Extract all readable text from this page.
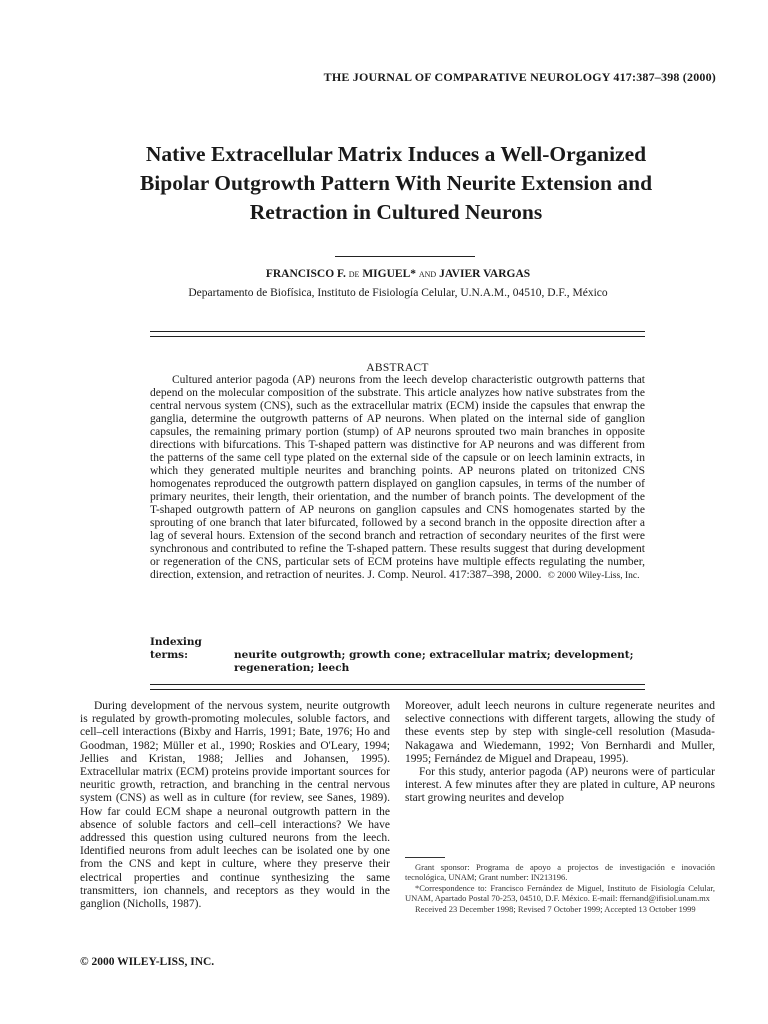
THE JOURNAL OF COMPARATIVE NEUROLOGY 417:387–398 (2000)
Native Extracellular Matrix Induces a Well-Organized Bipolar Outgrowth Pattern With Neurite Extension and Retraction in Cultured Neurons
FRANCISCO F. de MIGUEL* and JAVIER VARGAS
Departamento de Biofísica, Instituto de Fisiología Celular, U.N.A.M., 04510, D.F., México
ABSTRACT
Cultured anterior pagoda (AP) neurons from the leech develop characteristic outgrowth patterns that depend on the molecular composition of the substrate. This article analyzes how native substrates from the central nervous system (CNS), such as the extracellular matrix (ECM) inside the capsules that enwrap the ganglia, determine the outgrowth patterns of AP neurons. When plated on the internal side of ganglion capsules, the remaining primary portion (stump) of AP neurons sprouted two main branches in opposite directions with bifurcations. This T-shaped pattern was distinctive for AP neurons and was different from the patterns of the same cell type plated on the external side of the capsule or on leech laminin extracts, in which they generated multiple neurites and branching points. AP neurons plated on tritonized CNS homogenates reproduced the outgrowth pattern displayed on ganglion capsules, in terms of the number of primary neurites, their length, their orientation, and the number of branch points. The development of the T-shaped outgrowth pattern of AP neurons on ganglion capsules and CNS homogenates started by the sprouting of one branch that later bifurcated, followed by a second branch in the opposite direction after a lag of several hours. Extension of the second branch and retraction of secondary neurites of the first were synchronous and contributed to refine the T-shaped pattern. These results suggest that during development or regeneration of the CNS, particular sets of ECM proteins have multiple effects regulating the number, direction, extension, and retraction of neurites. J. Comp. Neurol. 417:387–398, 2000. © 2000 Wiley-Liss, Inc.
Indexing terms:	neurite outgrowth; growth cone; extracellular matrix; development;
regeneration; leech

During development of the nervous system, neurite outgrowth is regulated by growth-promoting molecules, soluble factors, and cell–cell interactions (Bixby and Harris, 1991; Bate, 1976; Ho and Goodman, 1982; Müller et al., 1990; Roskies and O'Leary, 1994; Jellies and Kristan, 1988; Jellies and Johansen, 1995). Extracellular matrix (ECM) proteins provide important sources for neuritic growth, retraction, and branching in the central nervous system (CNS) as well as in culture (for review, see Sanes, 1989). How far could ECM shape a neuronal outgrowth pattern in the absence of soluble factors and cell–cell interactions? We have addressed this question using cultured neurons from the leech. Identified neurons from adult leeches can be isolated one by one from the CNS and kept in culture, where they preserve their electrical properties and continue synthesizing the same transmitters, ion channels, and receptors as they would in the ganglion (Nicholls, 1987).

Moreover, adult leech neurons in culture regenerate neurites and selective connections with different targets, allowing the study of these events step by step with single-cell resolution (Masuda-Nakagawa and Wiedemann, 1992; Von Bernhardi and Muller, 1995; Fernández de Miguel and Drapeau, 1995).

For this study, anterior pagoda (AP) neurons were of particular interest. A few minutes after they are plated in culture, AP neurons start growing neurites and develop

Grant sponsor: Programa de apoyo a projectos de investigación e inovación tecnológica, UNAM; Grant number: IN213196.

*Correspondence to: Francisco Fernández de Miguel, Instituto de Fisiología Celular, UNAM, Apartado Postal 70-253, 04510, D.F. México. E-mail: ffernand@ifisiol.unam.mx

Received 23 December 1998; Revised 7 October 1999; Accepted 13 October 1999

© 2000 WILEY-LISS, INC.
